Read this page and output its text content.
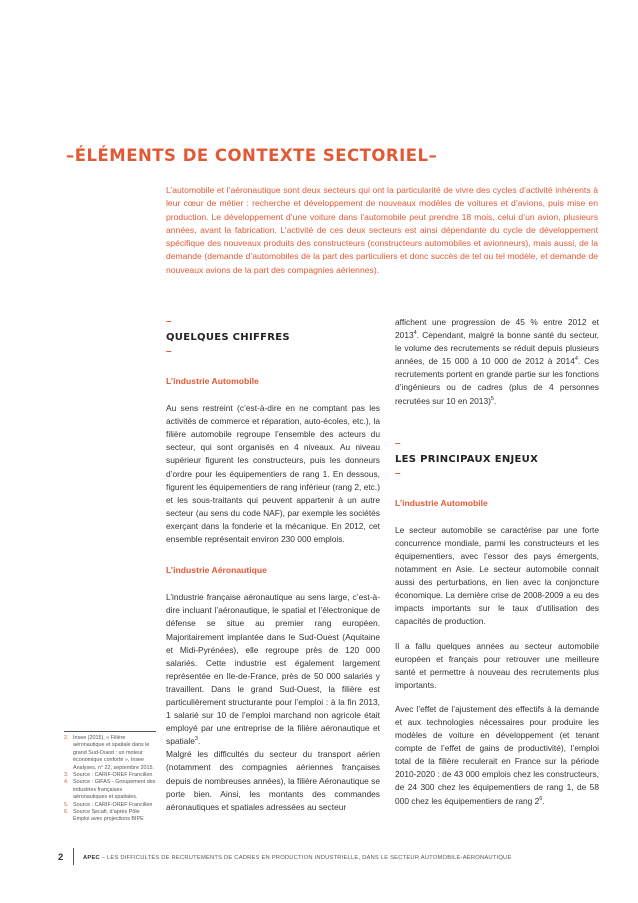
–ÉLÉMENTS DE CONTEXTE SECTORIEL–

L’automobile et l’aéronautique sont deux secteurs qui ont la particularité de vivre des cycles d’activité inhérents à leur cœur de métier : recherche et développement de nouveaux modèles de voitures et d’avions, puis mise en production. Le développement d’une voiture dans l’automobile peut prendre 18 mois, celui d’un avion, plusieurs années, avant la fabrication. L’activité de ces deux secteurs est ainsi dépendante du cycle de développement spécifique des nouveaux produits des constructeurs (constructeurs automobiles et avionneurs), mais aussi, de la demande (demande d’automobiles de la part des particuliers et donc succès de tel ou tel modèle, et demande de nouveaux avions de la part des compagnies aériennes).

–
QUELQUES CHIFFRES
–
L’industrie Automobile

Au sens restreint (c’est-à-dire en ne comptant pas les activités de commerce et réparation, auto-écoles, etc.), la filière automobile regroupe l’ensemble des acteurs du secteur, qui sont organisés en 4 niveaux. Au niveau supérieur figurent les constructeurs, puis les donneurs d’ordre pour les équipementiers de rang 1. En dessous, figurent les équipementiers de rang inférieur (rang 2, etc.) et les sous-traitants qui peuvent appartenir à un autre secteur (au sens du code NAF), par exemple les sociétés exerçant dans la fonderie et la mécanique. En 2012, cet ensemble représentait environ 230 000 emplois.

L’industrie Aéronautique

L’industrie française aéronautique au sens large, c’est-à-dire incluant l’aéronautique, le spatial et l’électronique de défense se situe au premier rang européen. Majoritairement implantée dans le Sud-Ouest (Aquitaine et Midi-Pyrénées), elle regroupe près de 120 000 salariés. Cette industrie est également largement représentée en Ile-de-France, près de 50 000 salariés y travaillent. Dans le grand Sud-Ouest, la filière est particulièrement structurante pour l’emploi : à la fin 2013, 1 salarié sur 10 de l’emploi marchand non agricole était employé par une entreprise de la filière aéronautique et spatiale$^3$.

Malgré les difficultés du secteur du transport aérien (notamment des compagnies aériennes françaises depuis de nombreuses années), la filière Aéronautique se porte bien. Ainsi, les montants des commandes aéronautiques et spatiales adressées au secteur

affichent une progression de 45 % entre 2012 et 2013$^4$. Cependant, malgré la bonne santé du secteur, le volume des recrutements se réduit depuis plusieurs années, de 15 000 à 10 000 de 2012 à 2014$^4$. Ces recrutements portent en grande partie sur les fonctions d’ingénieurs ou de cadres (plus de 4 personnes recrutées sur 10 en 2013)$^5$.

–
LES PRINCIPAUX ENJEUX
–
L’industrie Automobile

Le secteur automobile se caractérise par une forte concurrence mondiale, parmi les constructeurs et les équipementiers, avec l’essor des pays émergents, notamment en Asie. Le secteur automobile connait aussi des perturbations, en lien avec la conjoncture économique. La dernière crise de 2008-2009 a eu des impacts importants sur le taux d’utilisation des capacités de production.

Il a fallu quelques années au secteur automobile européen et français pour retrouver une meilleure santé et permettre à nouveau des recrutements plus importants.

Avec l’effet de l’ajustement des effectifs à la demande et aux technologies nécessaires pour produire les modèles de voiture en développement (et tenant compte de l’effet de gains de productivité), l’emploi total de la filière reculerait en France sur la période 2010-2020 : de 43 000 emplois chez les constructeurs, de 24 300 chez les équipementiers de rang 1, de 58 000 chez les équipementiers de rang $2^6$.

2. Insee (2015), « Filière aéronautique et spatiale dans le grand Sud-Ouest : un moteur économique conforté », Insee Analyses, n° 22, septembre 2015.
3. Source : CARIF-OREF Francilien
4. Source : GIFAS - Groupement des industries françaises aéronautiques et spatiales.
5. Source : CARIF-OREF Francilien
6. Source Secafi, d’après Pôle Emploi avec projections BIPE
2	APEC – LES DIFFICULTÉS DE RECRUTEMENTS DE CADRES EN PRODUCTION INDUSTRIELLE, DANS LE SECTEUR AUTOMOBILE-AÉRONAUTIQUE
